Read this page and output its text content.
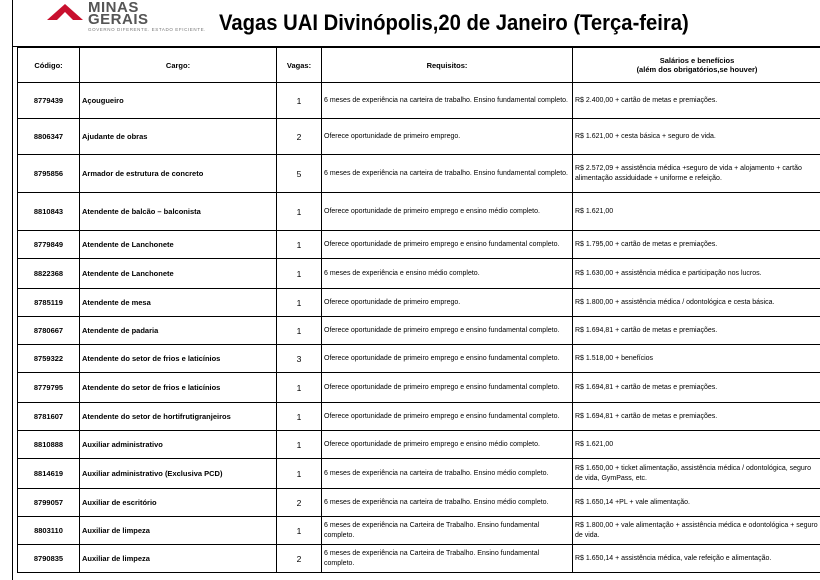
MINAS
GERAIS
GOVERNO DIFERENTE. ESTADO EFICIENTE. Vagas UAI Divinópolis,20 de Janeiro (Terça-feira)
Código:	Cargo:	Vagas:	Requisitos:	Salários e benefícios
(além dos obrigatórios,se houver)
8779439	Açougueiro	1	6 meses de experiência na carteira de trabalho. Ensino fundamental completo.	R$ 2.400,00 + cartão de metas e premiações.
8806347	Ajudante de obras	2	Oferece oportunidade de primeiro emprego.	R$ 1.621,00 + cesta básica + seguro de vida.
8795856	Armador de estrutura de concreto	5	6 meses de experiência na carteira de trabalho. Ensino fundamental completo.	R$ 2.572,09 + assistência médica +seguro de vida + alojamento + cartão alimentação assiduidade + uniforme e refeição.
8810843	Atendente de balcão – balconista	1	Oferece oportunidade de primeiro emprego e ensino médio completo.	R$ 1.621,00
8779849	Atendente de Lanchonete	1	Oferece oportunidade de primeiro emprego e ensino fundamental completo.	R$ 1.795,00 + cartão de metas e premiações.
8822368	Atendente de Lanchonete	1	6 meses de experiência e ensino médio completo.	R$ 1.630,00 + assistência médica e participação nos lucros.
8785119	Atendente de mesa	1	Oferece oportunidade de primeiro emprego.	R$ 1.800,00 + assistência médica / odontológica e cesta básica.
8780667	Atendente de padaria	1	Oferece oportunidade de primeiro emprego e ensino fundamental completo.	R$ 1.694,81 + cartão de metas e premiações.
8759322	Atendente do setor de frios e laticínios	3	Oferece oportunidade de primeiro emprego e ensino fundamental completo.	R$ 1.518,00 + benefícios
8779795	Atendente do setor de frios e laticínios	1	Oferece oportunidade de primeiro emprego e ensino fundamental completo.	R$ 1.694,81 + cartão de metas e premiações.
8781607	Atendente do setor de hortifrutigranjeiros	1	Oferece oportunidade de primeiro emprego e ensino fundamental completo.	R$ 1.694,81 + cartão de metas e premiações.
8810888	Auxiliar administrativo	1	Oferece oportunidade de primeiro emprego e ensino médio completo.	R$ 1.621,00
8814619	Auxiliar administrativo (Exclusiva PCD)	1	6 meses de experiência na carteira de trabalho. Ensino médio completo.	R$ 1.650,00 + ticket alimentação, assistência médica / odontológica, seguro de vida, GymPass, etc.
8799057	Auxiliar de escritório	2	6 meses de experiência na carteira de trabalho. Ensino médio completo.	R$ 1.650,14 +PL + vale alimentação.
8803110	Auxiliar de limpeza	1	6 meses de experiência na Carteira de Trabalho. Ensino fundamental completo.	R$ 1.800,00 + vale alimentação + assistência médica e odontológica + seguro de vida.
8790835	Auxiliar de limpeza	2	6 meses de experiência na Carteira de Trabalho. Ensino fundamental completo.	R$ 1.650,14 + assistência médica, vale refeição e alimentação.
